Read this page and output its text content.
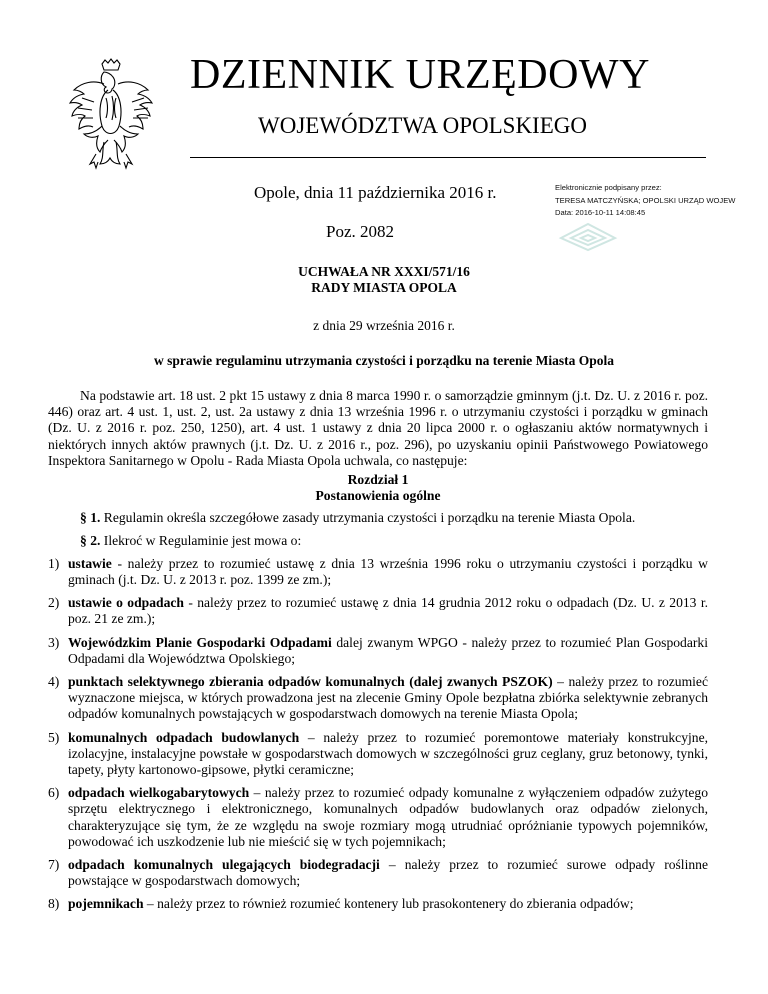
DZIENNIK URZĘDOWY
WOJEWÓDZTWA OPOLSKIEGO
Opole, dnia 11 października 2016 r.
Poz. 2082
Elektronicznie podpisany przez:
TERESA MATCZYŃSKA; OPOLSKI URZĄD WOJEW
Data: 2016-10-11 14:08:45
UCHWAŁA NR XXXI/571/16
RADY MIASTA OPOLA
z dnia 29 września 2016 r.
w sprawie regulaminu utrzymania czystości i porządku na terenie Miasta Opola

Na podstawie art. 18 ust. 2 pkt 15 ustawy z dnia 8 marca 1990 r. o samorządzie gminnym (j.t. Dz. U. z 2016 r. poz. 446) oraz art. 4 ust. 1, ust. 2, ust. 2a ustawy z dnia 13 września 1996 r. o utrzymaniu czystości i porządku w gminach (Dz. U. z 2016 r. poz. 250, 1250), art. 4 ust. 1 ustawy z dnia 20 lipca 2000 r. o ogłaszaniu aktów normatywnych i niektórych innych aktów prawnych (j.t. Dz. U. z 2016 r., poz. 296), po uzyskaniu opinii Państwowego Powiatowego Inspektora Sanitarnego w Opolu - Rada Miasta Opola uchwala, co następuje:

Rozdział 1
Postanowienia ogólne

§ 1. Regulamin określa szczegółowe zasady utrzymania czystości i porządku na terenie Miasta Opola.

§ 2. Ilekroć w Regulaminie jest mowa o:

1) ustawie - należy przez to rozumieć ustawę z dnia 13 września 1996 roku o utrzymaniu czystości i porządku w gminach (j.t. Dz. U. z 2013 r. poz. 1399 ze zm.);
2) ustawie o odpadach - należy przez to rozumieć ustawę z dnia 14 grudnia 2012 roku o odpadach (Dz. U. z 2013 r. poz. 21 ze zm.);
3) Wojewódzkim Planie Gospodarki Odpadami dalej zwanym WPGO - należy przez to rozumieć Plan Gospodarki Odpadami dla Województwa Opolskiego;
4) punktach selektywnego zbierania odpadów komunalnych (dalej zwanych PSZOK) – należy przez to rozumieć wyznaczone miejsca, w których prowadzona jest na zlecenie Gminy Opole bezpłatna zbiórka selektywnie zebranych odpadów komunalnych powstających w gospodarstwach domowych na terenie Miasta Opola;
5) komunalnych odpadach budowlanych – należy przez to rozumieć poremontowe materiały konstrukcyjne, izolacyjne, instalacyjne powstałe w gospodarstwach domowych w szczególności gruz ceglany, gruz betonowy, tynki, tapety, płyty kartonowo-gipsowe, płytki ceramiczne;
6) odpadach wielkogabarytowych – należy przez to rozumieć odpady komunalne z wyłączeniem odpadów zużytego sprzętu elektrycznego i elektronicznego, komunalnych odpadów budowlanych oraz odpadów zielonych, charakteryzujące się tym, że ze względu na swoje rozmiary mogą utrudniać opróżnianie typowych pojemników, powodować ich uszkodzenie lub nie mieścić się w tych pojemnikach;
7) odpadach komunalnych ulegających biodegradacji – należy przez to rozumieć surowe odpady roślinne powstające w gospodarstwach domowych;
8) pojemnikach – należy przez to również rozumieć kontenery lub prasokontenery do zbierania odpadów;
